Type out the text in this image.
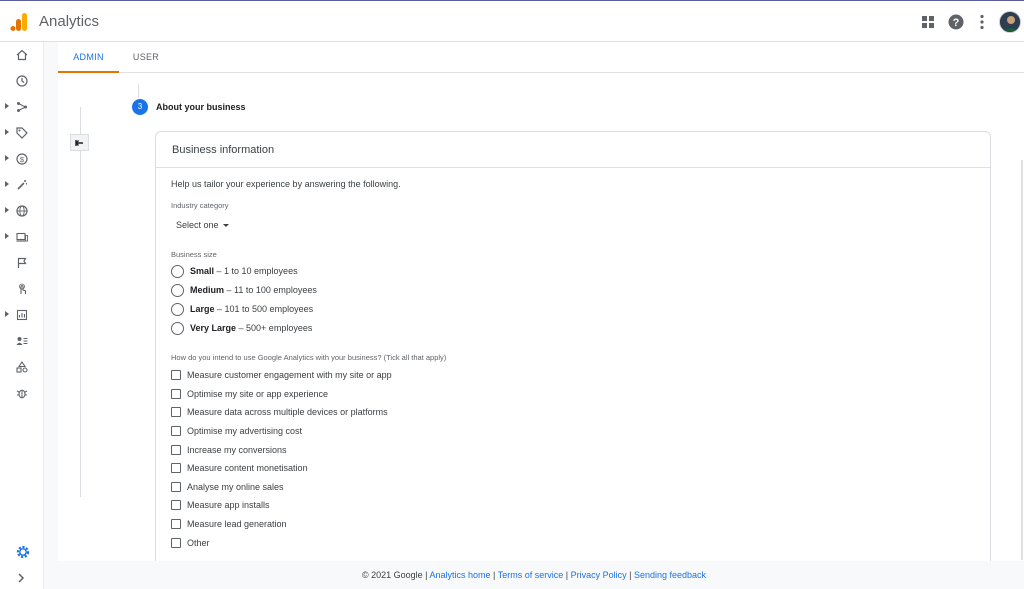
Analytics	?
$
ADMIN	USER
3	About your business
Business information
Help us tailor your experience by answering the following.
Industry category
Select one
Business size
Small – 1 to 10 employees
Medium – 11 to 100 employees
Large – 101 to 500 employees
Very Large – 500+ employees
How do you intend to use Google Analytics with your business? (Tick all that apply)
Measure customer engagement with my site or app
Optimise my site or app experience
Measure data across multiple devices or platforms
Optimise my advertising cost
Increase my conversions
Measure content monetisation
Analyse my online sales
Measure app installs
Measure lead generation
Other
© 2021 Google | Analytics home | Terms of service | Privacy Policy | Sending feedback
